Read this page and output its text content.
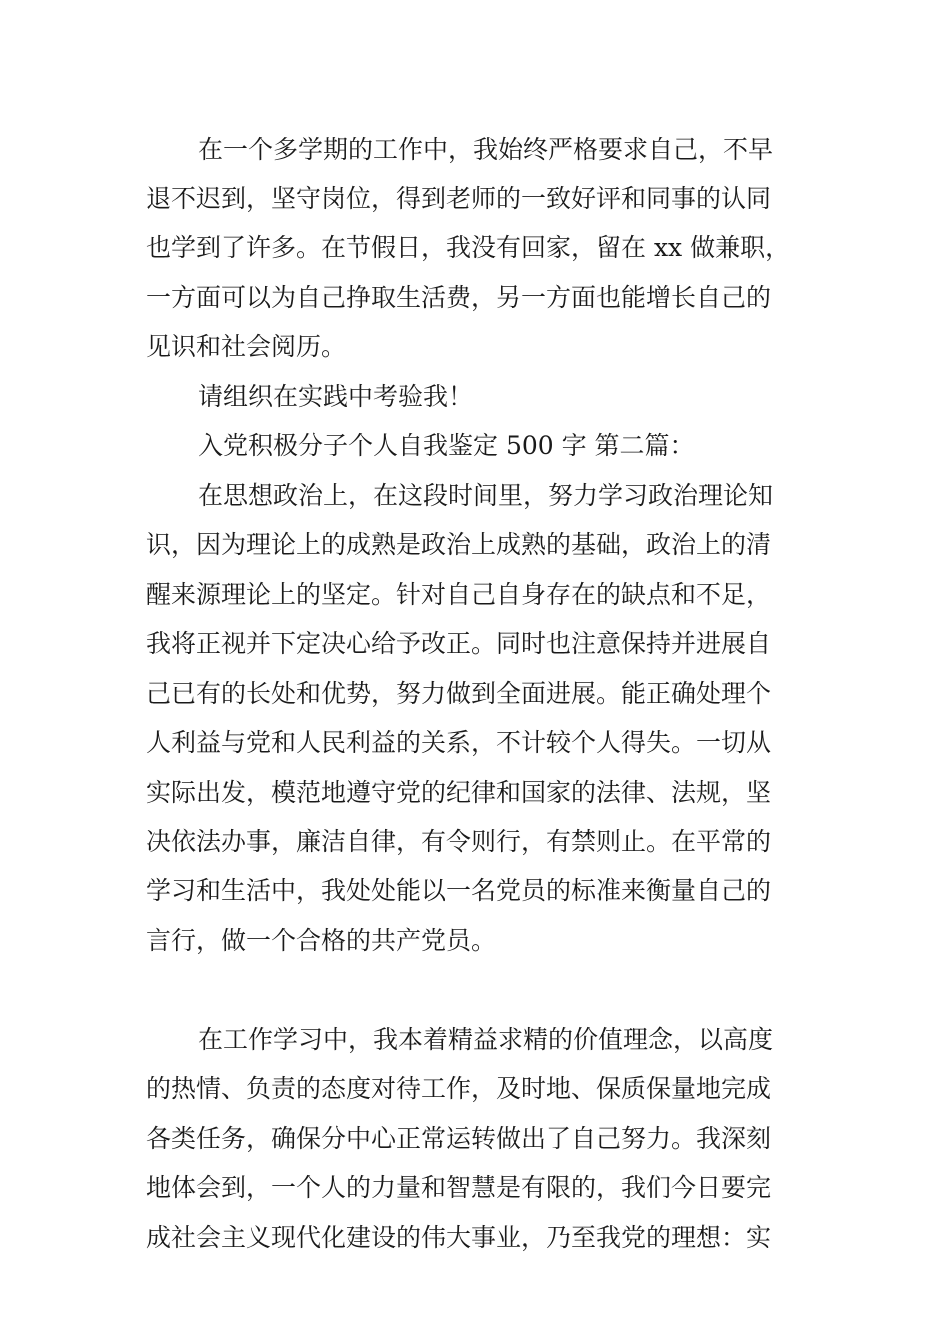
在一个多学期的工作中，我始终严格要求自己，不早
退不迟到，坚守岗位，得到老师的一致好评和同事的认同
也学到了许多。在节假日，我没有回家，留在 xx 做兼职，
一方面可以为自己挣取生活费，另一方面也能增长自己的
见识和社会阅历。
请组织在实践中考验我！
入党积极分子个人自我鉴定 500 字 第二篇：
在思想政治上，在这段时间里，努力学习政治理论知
识，因为理论上的成熟是政治上成熟的基础，政治上的清
醒来源理论上的坚定。针对自己自身存在的缺点和不足，
我将正视并下定决心给予改正。同时也注意保持并进展自
己已有的长处和优势，努力做到全面进展。能正确处理个
人利益与党和人民利益的关系，不计较个人得失。一切从
实际出发，模范地遵守党的纪律和国家的法律、法规，坚
决依法办事，廉洁自律，有令则行，有禁则止。在平常的
学习和生活中，我处处能以一名党员的标准来衡量自己的
言行，做一个合格的共产党员。
在工作学习中，我本着精益求精的价值理念，以高度
的热情、负责的态度对待工作，及时地、保质保量地完成
各类任务，确保分中心正常运转做出了自己努力。我深刻
地体会到，一个人的力量和智慧是有限的，我们今日要完
成社会主义现代化建设的伟大事业，乃至我党的理想：实
